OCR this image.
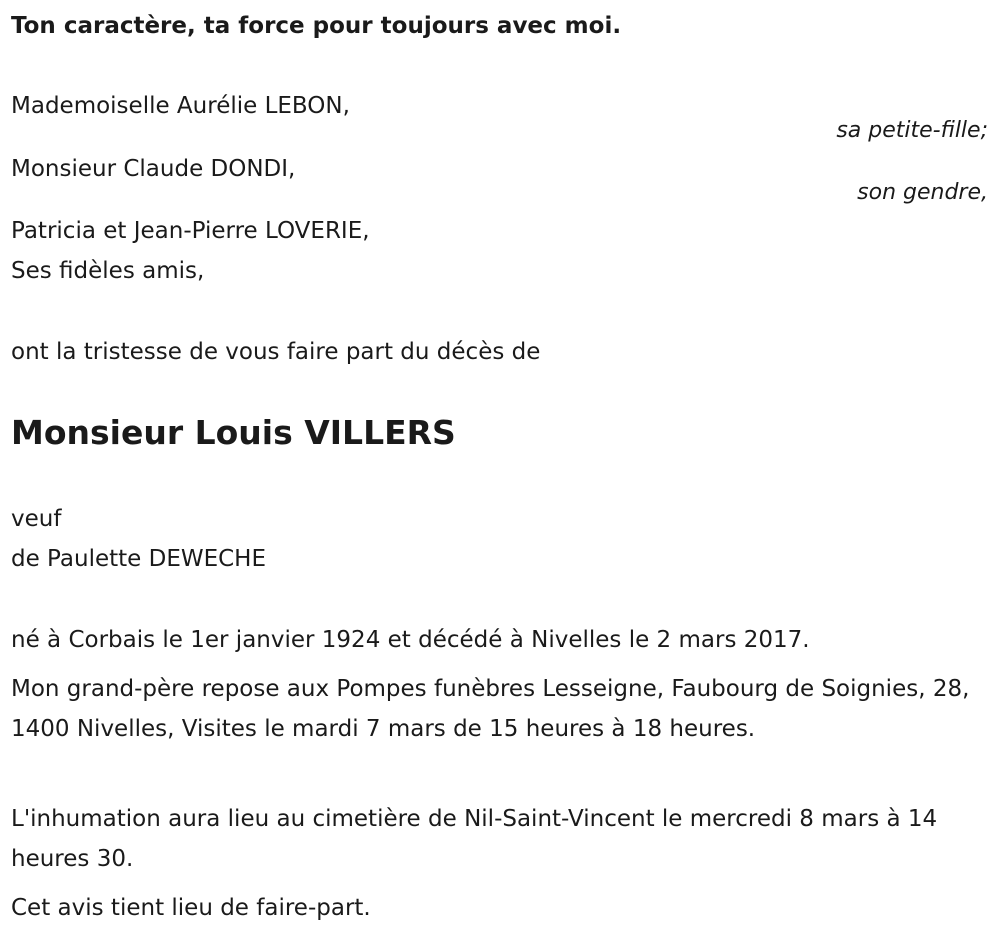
Ton caractère, ta force pour toujours avec moi.
Mademoiselle Aurélie LEBON,
sa petite-fille;
Monsieur Claude DONDI,
son gendre,
Patricia et Jean-Pierre LOVERIE,
Ses fidèles amis,
ont la tristesse de vous faire part du décès de
Monsieur Louis VILLERS
veuf
de Paulette DEWECHE
né à Corbais le 1er janvier 1924 et décédé à Nivelles le 2 mars 2017.
Mon grand-père repose aux Pompes funèbres Lesseigne, Faubourg de Soignies, 28, 1400 Nivelles, Visites le mardi 7 mars de 15 heures à 18 heures.
L'inhumation aura lieu au cimetière de Nil-Saint-Vincent le mercredi 8 mars à 14 heures 30.
Cet avis tient lieu de faire-part.
